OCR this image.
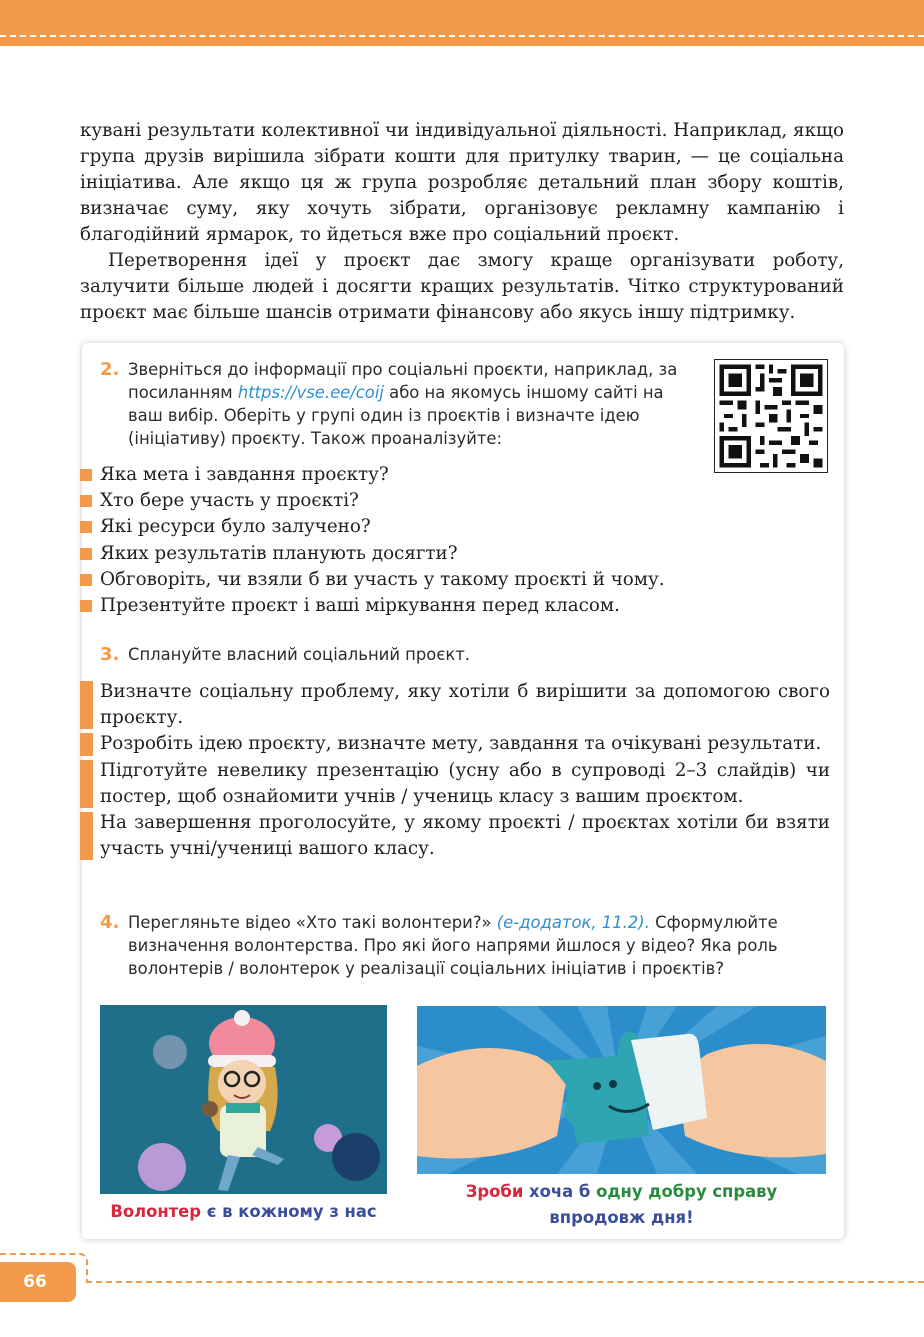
кувані результати колективної чи індивідуальної діяльності. Наприклад, якщо група друзів вирішила зібрати кошти для притулку тварин, — це соціальна ініціатива. Але якщо ця ж група розробляє детальний план збору коштів, визначає суму, яку хочуть зібрати, організовує рекламну кампанію і благодійний ярмарок, то йдеться вже про соціальний проєкт.

Перетворення ідеї у проєкт дає змогу краще організувати роботу, залучити більше людей і досягти кращих результатів. Чітко структурований проєкт має більше шансів отримати фінансову або якусь іншу підтримку.

2. Зверніться до інформації про соціальні проєкти, наприклад, за посиланням https://vse.ee/coij або на якомусь іншому сайті на ваш вибір. Оберіть у групі один із проєктів і визначте ідею (ініціативу) проєкту. Також проаналізуйте:
Яка мета і завдання проєкту?
Хто бере участь у проєкті?
Які ресурси було залучено?
Яких результатів планують досягти?
Обговоріть, чи взяли б ви участь у такому проєкті й чому.
Презентуйте проєкт і ваші міркування перед класом.
3. Сплануйте власний соціальний проєкт.
Визначте соціальну проблему, яку хотіли б вирішити за допомогою свого проєкту.
Розробіть ідею проєкту, визначте мету, завдання та очікувані результати.
Підготуйте невелику презентацію (усну або в супроводі 2–3 слайдів) чи постер, щоб ознайомити учнів / учениць класу з вашим проєктом.
На завершення проголосуйте, у якому проєкті / проєктах хотіли би взяти участь учні/учениці вашого класу.
4. Перегляньте відео «Хто такі волонтери?» (е-додаток, 11.2). Сформулюйте визначення волонтерства. Про які його напрями йшлося у відео? Яка роль волонтерів / волонтерок у реалізації соціальних ініціатив і проєктів?
Волонтер є в кожному з нас
Зроби хоча б одну добру справу
впродовж дня!
66
